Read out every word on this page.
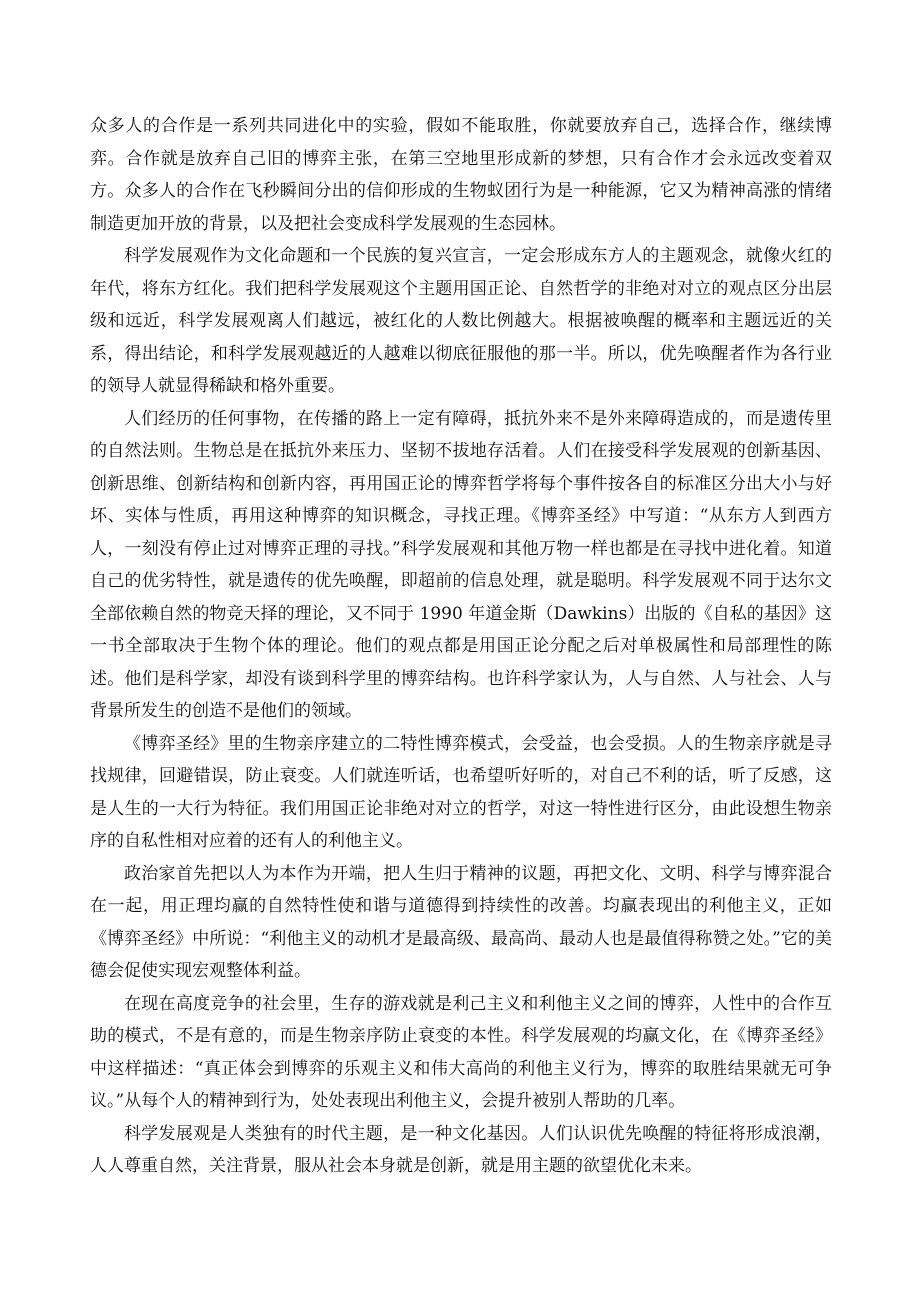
众多人的合作是一系列共同进化中的实验，假如不能取胜，你就要放弃自己，选择合作，继续博弈。合作就是放弃自己旧的博弈主张，在第三空地里形成新的梦想，只有合作才会永远改变着双方。众多人的合作在飞秒瞬间分出的信仰形成的生物蚁团行为是一种能源，它又为精神高涨的情绪制造更加开放的背景，以及把社会变成科学发展观的生态园林。

科学发展观作为文化命题和一个民族的复兴宣言，一定会形成东方人的主题观念，就像火红的年代，将东方红化。我们把科学发展观这个主题用国正论、自然哲学的非绝对对立的观点区分出层级和远近，科学发展观离人们越远，被红化的人数比例越大。根据被唤醒的概率和主题远近的关系，得出结论，和科学发展观越近的人越难以彻底征服他的那一半。所以，优先唤醒者作为各行业的领导人就显得稀缺和格外重要。

人们经历的任何事物，在传播的路上一定有障碍，抵抗外来不是外来障碍造成的，而是遗传里的自然法则。生物总是在抵抗外来压力、坚韧不拔地存活着。人们在接受科学发展观的创新基因、创新思维、创新结构和创新内容，再用国正论的博弈哲学将每个事件按各自的标准区分出大小与好坏、实体与性质，再用这种博弈的知识概念，寻找正理。《博弈圣经》中写道：“从东方人到西方人，一刻没有停止过对博弈正理的寻找。”科学发展观和其他万物一样也都是在寻找中进化着。知道自己的优劣特性，就是遗传的优先唤醒，即超前的信息处理，就是聪明。科学发展观不同于达尔文全部依赖自然的物竞天择的理论，又不同于 1990 年道金斯（Dawkins）出版的《自私的基因》这一书全部取决于生物个体的理论。他们的观点都是用国正论分配之后对单极属性和局部理性的陈述。他们是科学家，却没有谈到科学里的博弈结构。也许科学家认为，人与自然、人与社会、人与背景所发生的创造不是他们的领域。

《博弈圣经》里的生物亲序建立的二特性博弈模式，会受益，也会受损。人的生物亲序就是寻找规律，回避错误，防止衰变。人们就连听话，也希望听好听的，对自己不利的话，听了反感，这是人生的一大行为特征。我们用国正论非绝对对立的哲学，对这一特性进行区分，由此设想生物亲序的自私性相对应着的还有人的利他主义。

政治家首先把以人为本作为开端，把人生归于精神的议题，再把文化、文明、科学与博弈混合在一起，用正理均赢的自然特性使和谐与道德得到持续性的改善。均赢表现出的利他主义，正如《博弈圣经》中所说：“利他主义的动机才是最高级、最高尚、最动人也是最值得称赞之处。”它的美德会促使实现宏观整体利益。

在现在高度竞争的社会里，生存的游戏就是利己主义和利他主义之间的博弈，人性中的合作互助的模式，不是有意的，而是生物亲序防止衰变的本性。科学发展观的均赢文化，在《博弈圣经》中这样描述：“真正体会到博弈的乐观主义和伟大高尚的利他主义行为，博弈的取胜结果就无可争议。”从每个人的精神到行为，处处表现出利他主义，会提升被别人帮助的几率。

科学发展观是人类独有的时代主题，是一种文化基因。人们认识优先唤醒的特征将形成浪潮，人人尊重自然，关注背景，服从社会本身就是创新，就是用主题的欲望优化未来。
